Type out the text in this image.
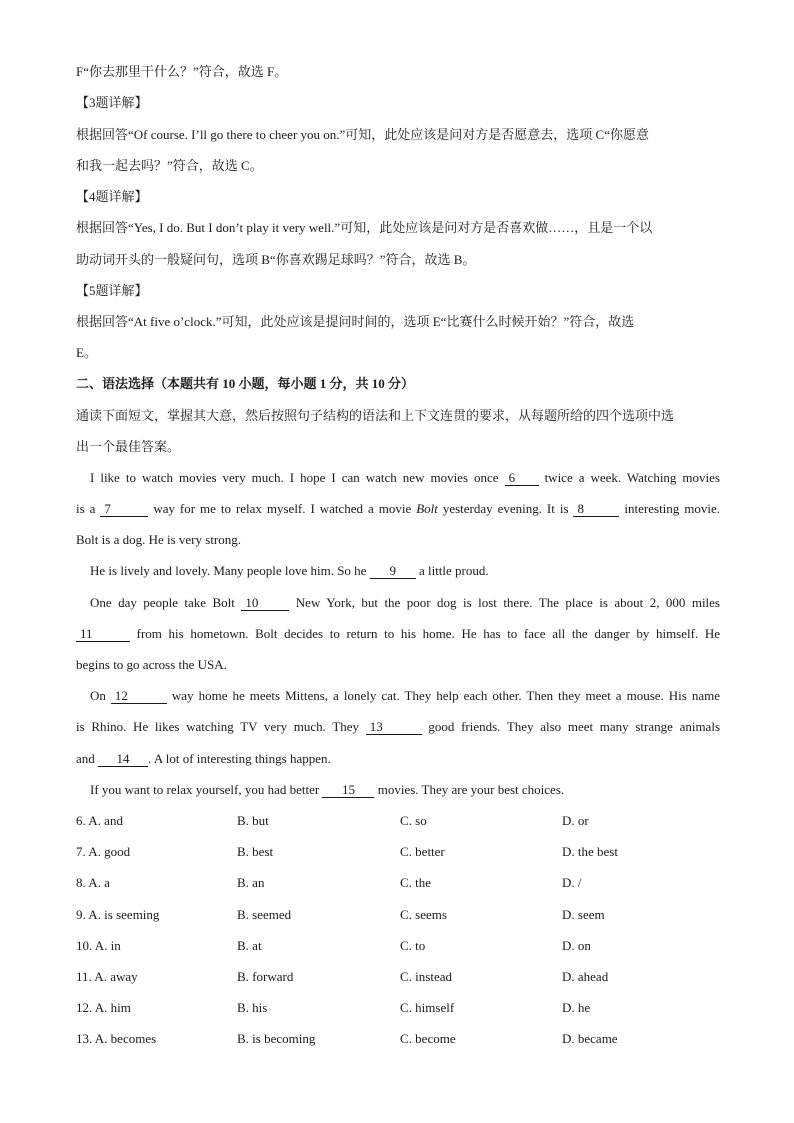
F“你去那里干什么？”符合，故选 F。
【3题详解】
根据回答“Of course. I’ll go there to cheer you on.”可知，此处应该是问对方是否愿意去，选项 C“你愿意
和我一起去吗？”符合，故选 C。
【4题详解】
根据回答“Yes, I do. But I don’t play it very well.”可知，此处应该是问对方是否喜欢做……，且是一个以
助动词开头的一般疑问句，选项 B“你喜欢踢足球吗？”符合，故选 B。
【5题详解】
根据回答“At five o’clock.”可知，此处应该是提问时间的，选项 E“比赛什么时候开始？”符合，故选
E。
二、语法选择（本题共有 10 小题，每小题 1 分，共 10 分）
通读下面短文，掌握其大意，然后按照句子结构的语法和上下文连贯的要求，从每题所给的四个选项中选
出一个最佳答案。
I like to watch movies very much. I hope I can watch new movies once 6 twice a week. Watching movies
is a 7	way for me to relax myself. I watched a movie Bolt yesterday evening. It is 8	interesting movie.
Bolt is a dog. He is very strong.
He is lively and lovely. Many people love him. So he 9 a little proud.
One day people take Bolt 10 New York, but the poor dog is lost there. The place is about 2, 000 miles
11	from his hometown. Bolt decides to return to his home. He has to face all the danger by himself. He
begins to go across the USA.
On 12	way home he meets Mittens, a lonely cat. They help each other. Then they meet a mouse. His name
is Rhino. He likes watching TV very much. They 13	good friends. They also meet many strange animals
and 14 . A lot of interesting things happen.
If you want to relax yourself, you had better 15 movies. They are your best choices.
6. A. and	B. but	C. so	D. or
7. A. good	B. best	C. better	D. the best
8. A. a	B. an	C. the	D. /
9. A. is seeming	B. seemed	C. seems	D. seem
10. A. in	B. at	C. to	D. on
11. A. away	B. forward	C. instead	D. ahead
12. A. him	B. his	C. himself	D. he
13. A. becomes	B. is becoming	C. become	D. became
